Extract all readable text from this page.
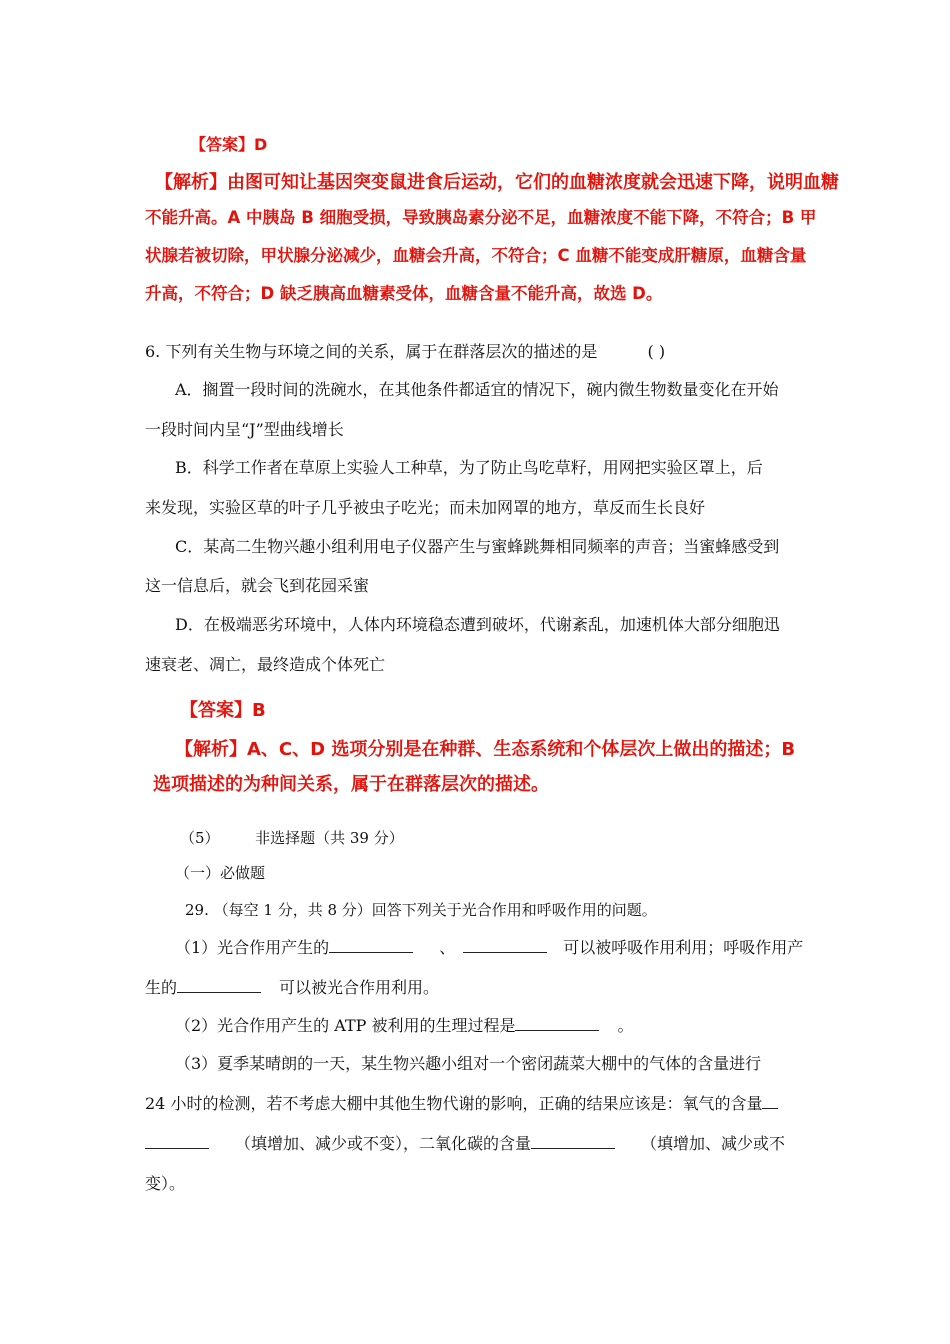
【答案】D
【解析】由图可知让基因突变鼠进食后运动，它们的血糖浓度就会迅速下降，说明血糖
不能升高。A 中胰岛 B 细胞受损，导致胰岛素分泌不足，血糖浓度不能下降，不符合；B 甲
状腺若被切除，甲状腺分泌减少，血糖会升高，不符合；C 血糖不能变成肝糖原，血糖含量
升高，不符合；D 缺乏胰高血糖素受体，血糖含量不能升高，故选 D。
6. 下列有关生物与环境之间的关系，属于在群落层次的描述的是	( )
A．搁置一段时间的洗碗水，在其他条件都适宜的情况下，碗内微生物数量变化在开始
一段时间内呈“J”型曲线增长
B．科学工作者在草原上实验人工种草，为了防止鸟吃草籽，用网把实验区罩上，后
来发现，实验区草的叶子几乎被虫子吃光；而未加网罩的地方，草反而生长良好
C．某高二生物兴趣小组利用电子仪器产生与蜜蜂跳舞相同频率的声音；当蜜蜂感受到
这一信息后，就会飞到花园采蜜
D．在极端恶劣环境中，人体内环境稳态遭到破坏，代谢紊乱，加速机体大部分细胞迅
速衰老、凋亡，最终造成个体死亡
【答案】B
【解析】A、C、D 选项分别是在种群、生态系统和个体层次上做出的描述；B
选项描述的为种间关系，属于在群落层次的描述。
（5） 非选择题（共 39 分）
（一）必做题
29. （每空 1 分，共 8 分）回答下列关于光合作用和呼吸作用的问题。
（1）光合作用产生的	、	可以被呼吸作用利用；呼吸作用产
生的	可以被光合作用利用。
（2）光合作用产生的 ATP 被利用的生理过程是	。
（3）夏季某晴朗的一天，某生物兴趣小组对一个密闭蔬菜大棚中的气体的含量进行
24 小时的检测，若不考虑大棚中其他生物代谢的影响，正确的结果应该是：氧气的含量
（填增加、减少或不变），二氧化碳的含量	（填增加、减少或不
变）。
